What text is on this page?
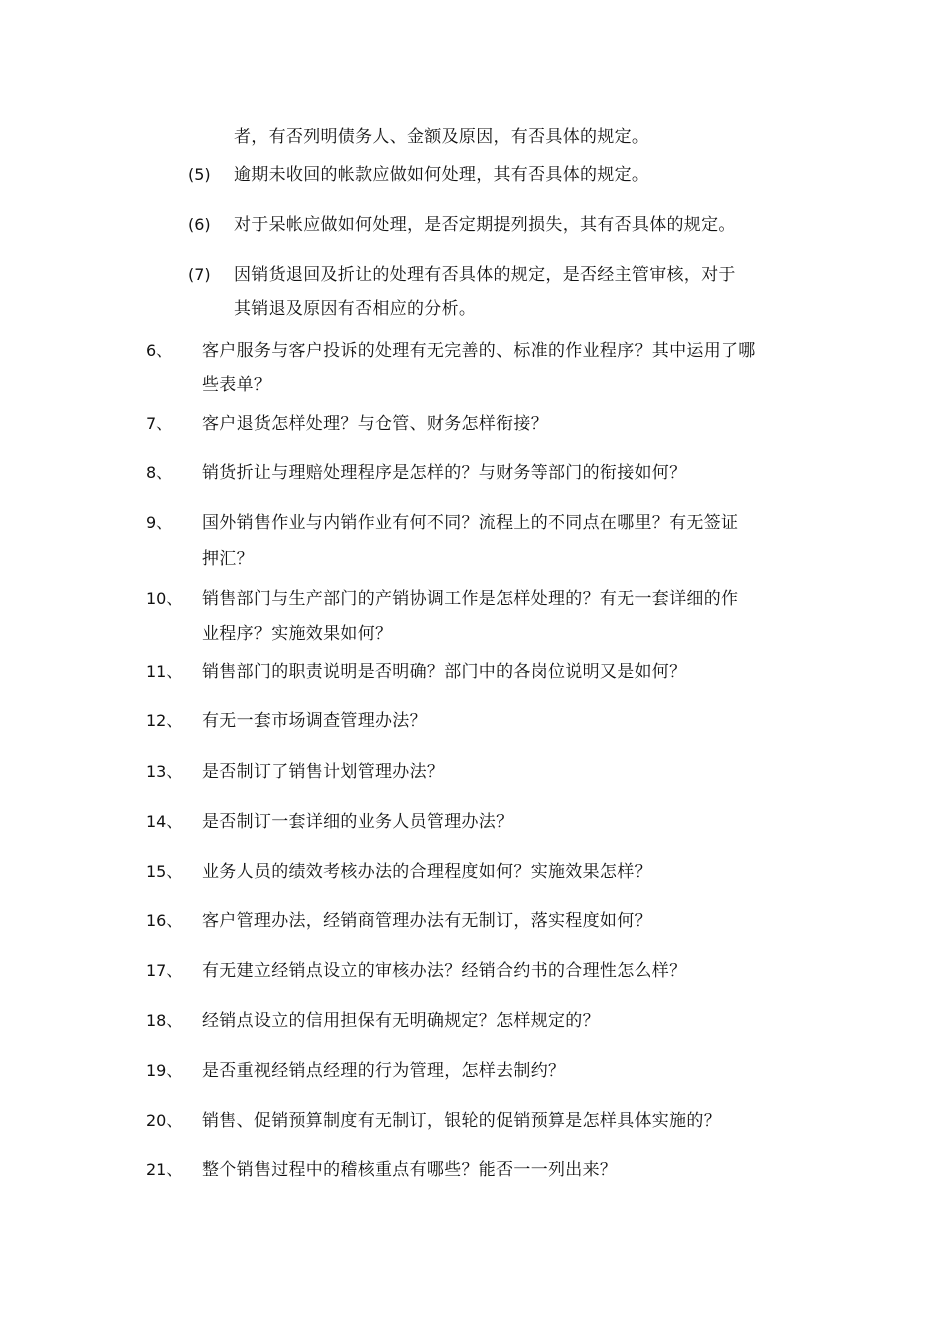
者，有否列明债务人、金额及原因，有否具体的规定。
(5) 逾期未收回的帐款应做如何处理，其有否具体的规定。
(6) 对于呆帐应做如何处理，是否定期提列损失，其有否具体的规定。
(7) 因销货退回及折让的处理有否具体的规定，是否经主管审核，对于
其销退及原因有否相应的分析。
6、 客户服务与客户投诉的处理有无完善的、标准的作业程序？其中运用了哪
些表单？
7、 客户退货怎样处理？与仓管、财务怎样衔接？
8、 销货折让与理赔处理程序是怎样的？与财务等部门的衔接如何？
9、 国外销售作业与内销作业有何不同？流程上的不同点在哪里？有无签证
押汇？
10、 销售部门与生产部门的产销协调工作是怎样处理的？有无一套详细的作
业程序？实施效果如何？
11、 销售部门的职责说明是否明确？部门中的各岗位说明又是如何？
12、 有无一套市场调查管理办法？
13、 是否制订了销售计划管理办法？
14、 是否制订一套详细的业务人员管理办法？
15、 业务人员的绩效考核办法的合理程度如何？实施效果怎样？
16、 客户管理办法，经销商管理办法有无制订，落实程度如何？
17、 有无建立经销点设立的审核办法？经销合约书的合理性怎么样？
18、 经销点设立的信用担保有无明确规定？怎样规定的？
19、 是否重视经销点经理的行为管理，怎样去制约？
20、 销售、促销预算制度有无制订，银轮的促销预算是怎样具体实施的？
21、 整个销售过程中的稽核重点有哪些？能否一一列出来？
